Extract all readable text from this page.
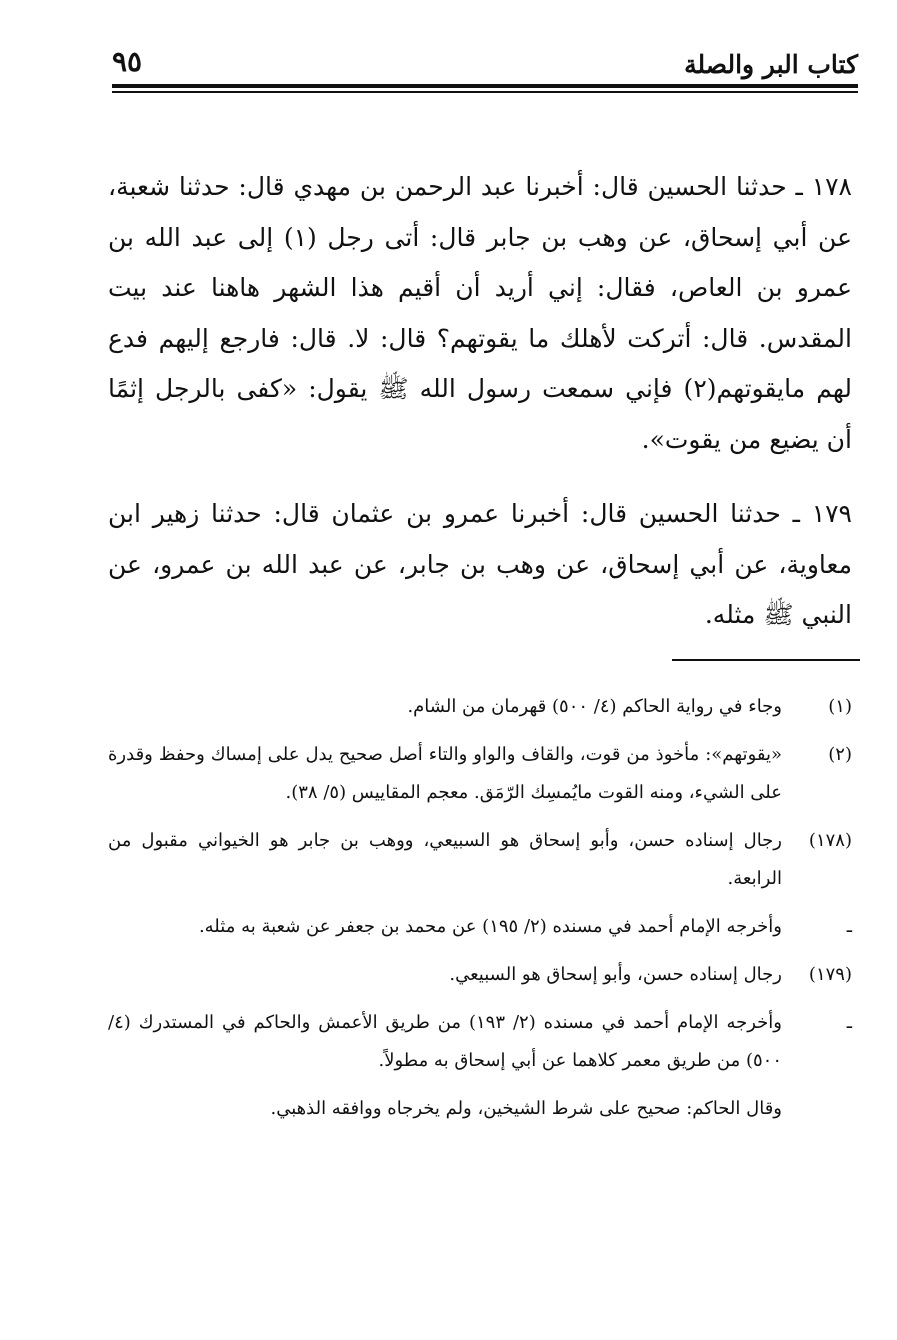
كتاب البر والصلة
٩٥

١٧٨ ـ حدثنا الحسين قال: أخبرنا عبد الرحمن بن مهدي قال: حدثنا شعبة، عن أبي إسحاق، عن وهب بن جابر قال: أتى رجل (١) إلى عبد الله بن عمرو بن العاص، فقال: إني أريد أن أقيم هذا الشهر هاهنا عند بيت المقدس. قال: أتركت لأهلك ما يقوتهم؟ قال: لا. قال: فارجع إليهم فدع لهم مايقوتهم(٢) فإني سمعت رسول الله ﷺ يقول: «كفى بالرجل إثمًا أن يضيع من يقوت».

١٧٩ ـ حدثنا الحسين قال: أخبرنا عمرو بن عثمان قال: حدثنا زهير ابن معاوية، عن أبي إسحاق، عن وهب بن جابر، عن عبد الله بن عمرو، عن النبي ﷺ مثله.

(١)
وجاء في رواية الحاكم (٤/ ٥٠٠) قهرمان من الشام.
(٢)
«يقوتهم»: مأخوذ من قوت، والقاف والواو والتاء أصل صحيح يدل على إمساك وحفظ وقدرة على الشيء، ومنه القوت مايُمسِك الرّمَق. معجم المقاييس (٥/ ٣٨).
(١٧٨)
رجال إسناده حسن، وأبو إسحاق هو السبيعي، ووهب بن جابر هو الخيواني مقبول من الرابعة.
ـ
وأخرجه الإمام أحمد في مسنده (٢/ ١٩٥) عن محمد بن جعفر عن شعبة به مثله.
(١٧٩)
رجال إسناده حسن، وأبو إسحاق هو السبيعي.
ـ
وأخرجه الإمام أحمد في مسنده (٢/ ١٩٣) من طريق الأعمش والحاكم في المستدرك (٤/ ٥٠٠) من طريق معمر كلاهما عن أبي إسحاق به مطولاً.
وقال الحاكم: صحيح على شرط الشيخين، ولم يخرجاه ووافقه الذهبي.
